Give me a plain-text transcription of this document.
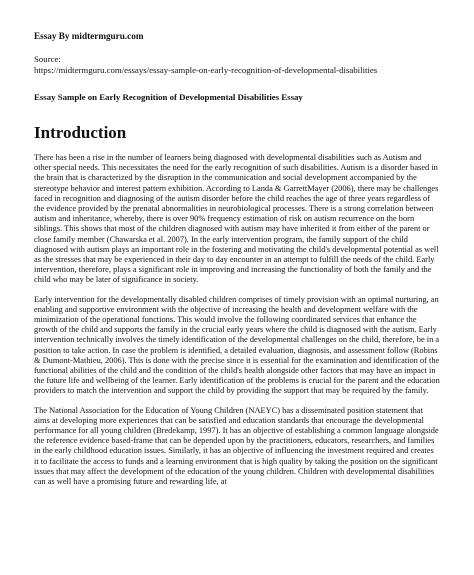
Essay By midtermguru.com
Source:
https://midtermguru.com/essays/essay-sample-on-early-recognition-of-developmental-disabilities
Essay Sample on Early Recognition of Developmental Disabilities Essay
Introduction

There has been a rise in the number of learners being diagnosed with developmental disabilities such as Autism and other special needs. This necessitates the need for the early recognition of such disabilities. Autism is a disorder based in the brain that is characterized by the disruption in the communication and social development accompanied by the stereotype behavior and interest pattern exhibition. According to Landa & GarrettMayer (2006), there may be challenges faced in recognition and diagnosing of the autism disorder before the child reaches the age of three years regardless of the evidence provided by the prenatal abnormalities in neurobiological processes. There is a strong correlation between autism and inheritance, whereby, there is over 90% frequency estimation of risk on autism recurrence on the born siblings. This shows that most of the children diagnosed with autism may have inherited it from either of the parent or close family member (Chawarska et al. 2007). In the early intervention program, the family support of the child diagnosed with autism plays an important role in the fostering and motivating the child's developmental potential as well as the stresses that may be experienced in their day to day encounter in an attempt to fulfill the needs of the child. Early intervention, therefore, plays a significant role in improving and increasing the functionality of both the family and the child who may be later of significance in society.

Early intervention for the developmentally disabled children comprises of timely provision with an optimal nurturing, an enabling and supportive environment with the objective of increasing the health and development welfare with the minimization of the operational functions. This would involve the following coordinated services that enhance the growth of the child and supports the family in the crucial early years where the child is diagnosed with the autism. Early intervention technically involves the timely identification of the developmental challenges on the child, therefore, be in a position to take action. In case the problem is identified, a detailed evaluation, diagnosis, and assessment follow (Robins & Dumont-Mathieu, 2006). This is done with the precise since it is essential for the examination and identification of the functional abilities of the child and the condition of the child's health alongside other factors that may have an impact in the future life and wellbeing of the learner. Early identification of the problems is crucial for the parent and the education providers to match the intervention and support the child by providing the support that may be required by the family.

The National Association for the Education of Young Children (NAEYC) has a disseminated position statement that aims at developing more experiences that can be satisfied and education standards that encourage the developmental performance for all young children (Bredekamp, 1997). It has an objective of establishing a common language alongside the reference evidence based-frame that can be depended upon by the practitioners, educators, researchers, and families in the early childhood education issues. Similarly, it has an objective of influencing the investment required and creates it to facilitate the access to funds and a learning environment that is high quality by taking the position on the significant issues that may affect the development of the education of the young children. Children with developmental disabilities can as well have a promising future and rewarding life, at
